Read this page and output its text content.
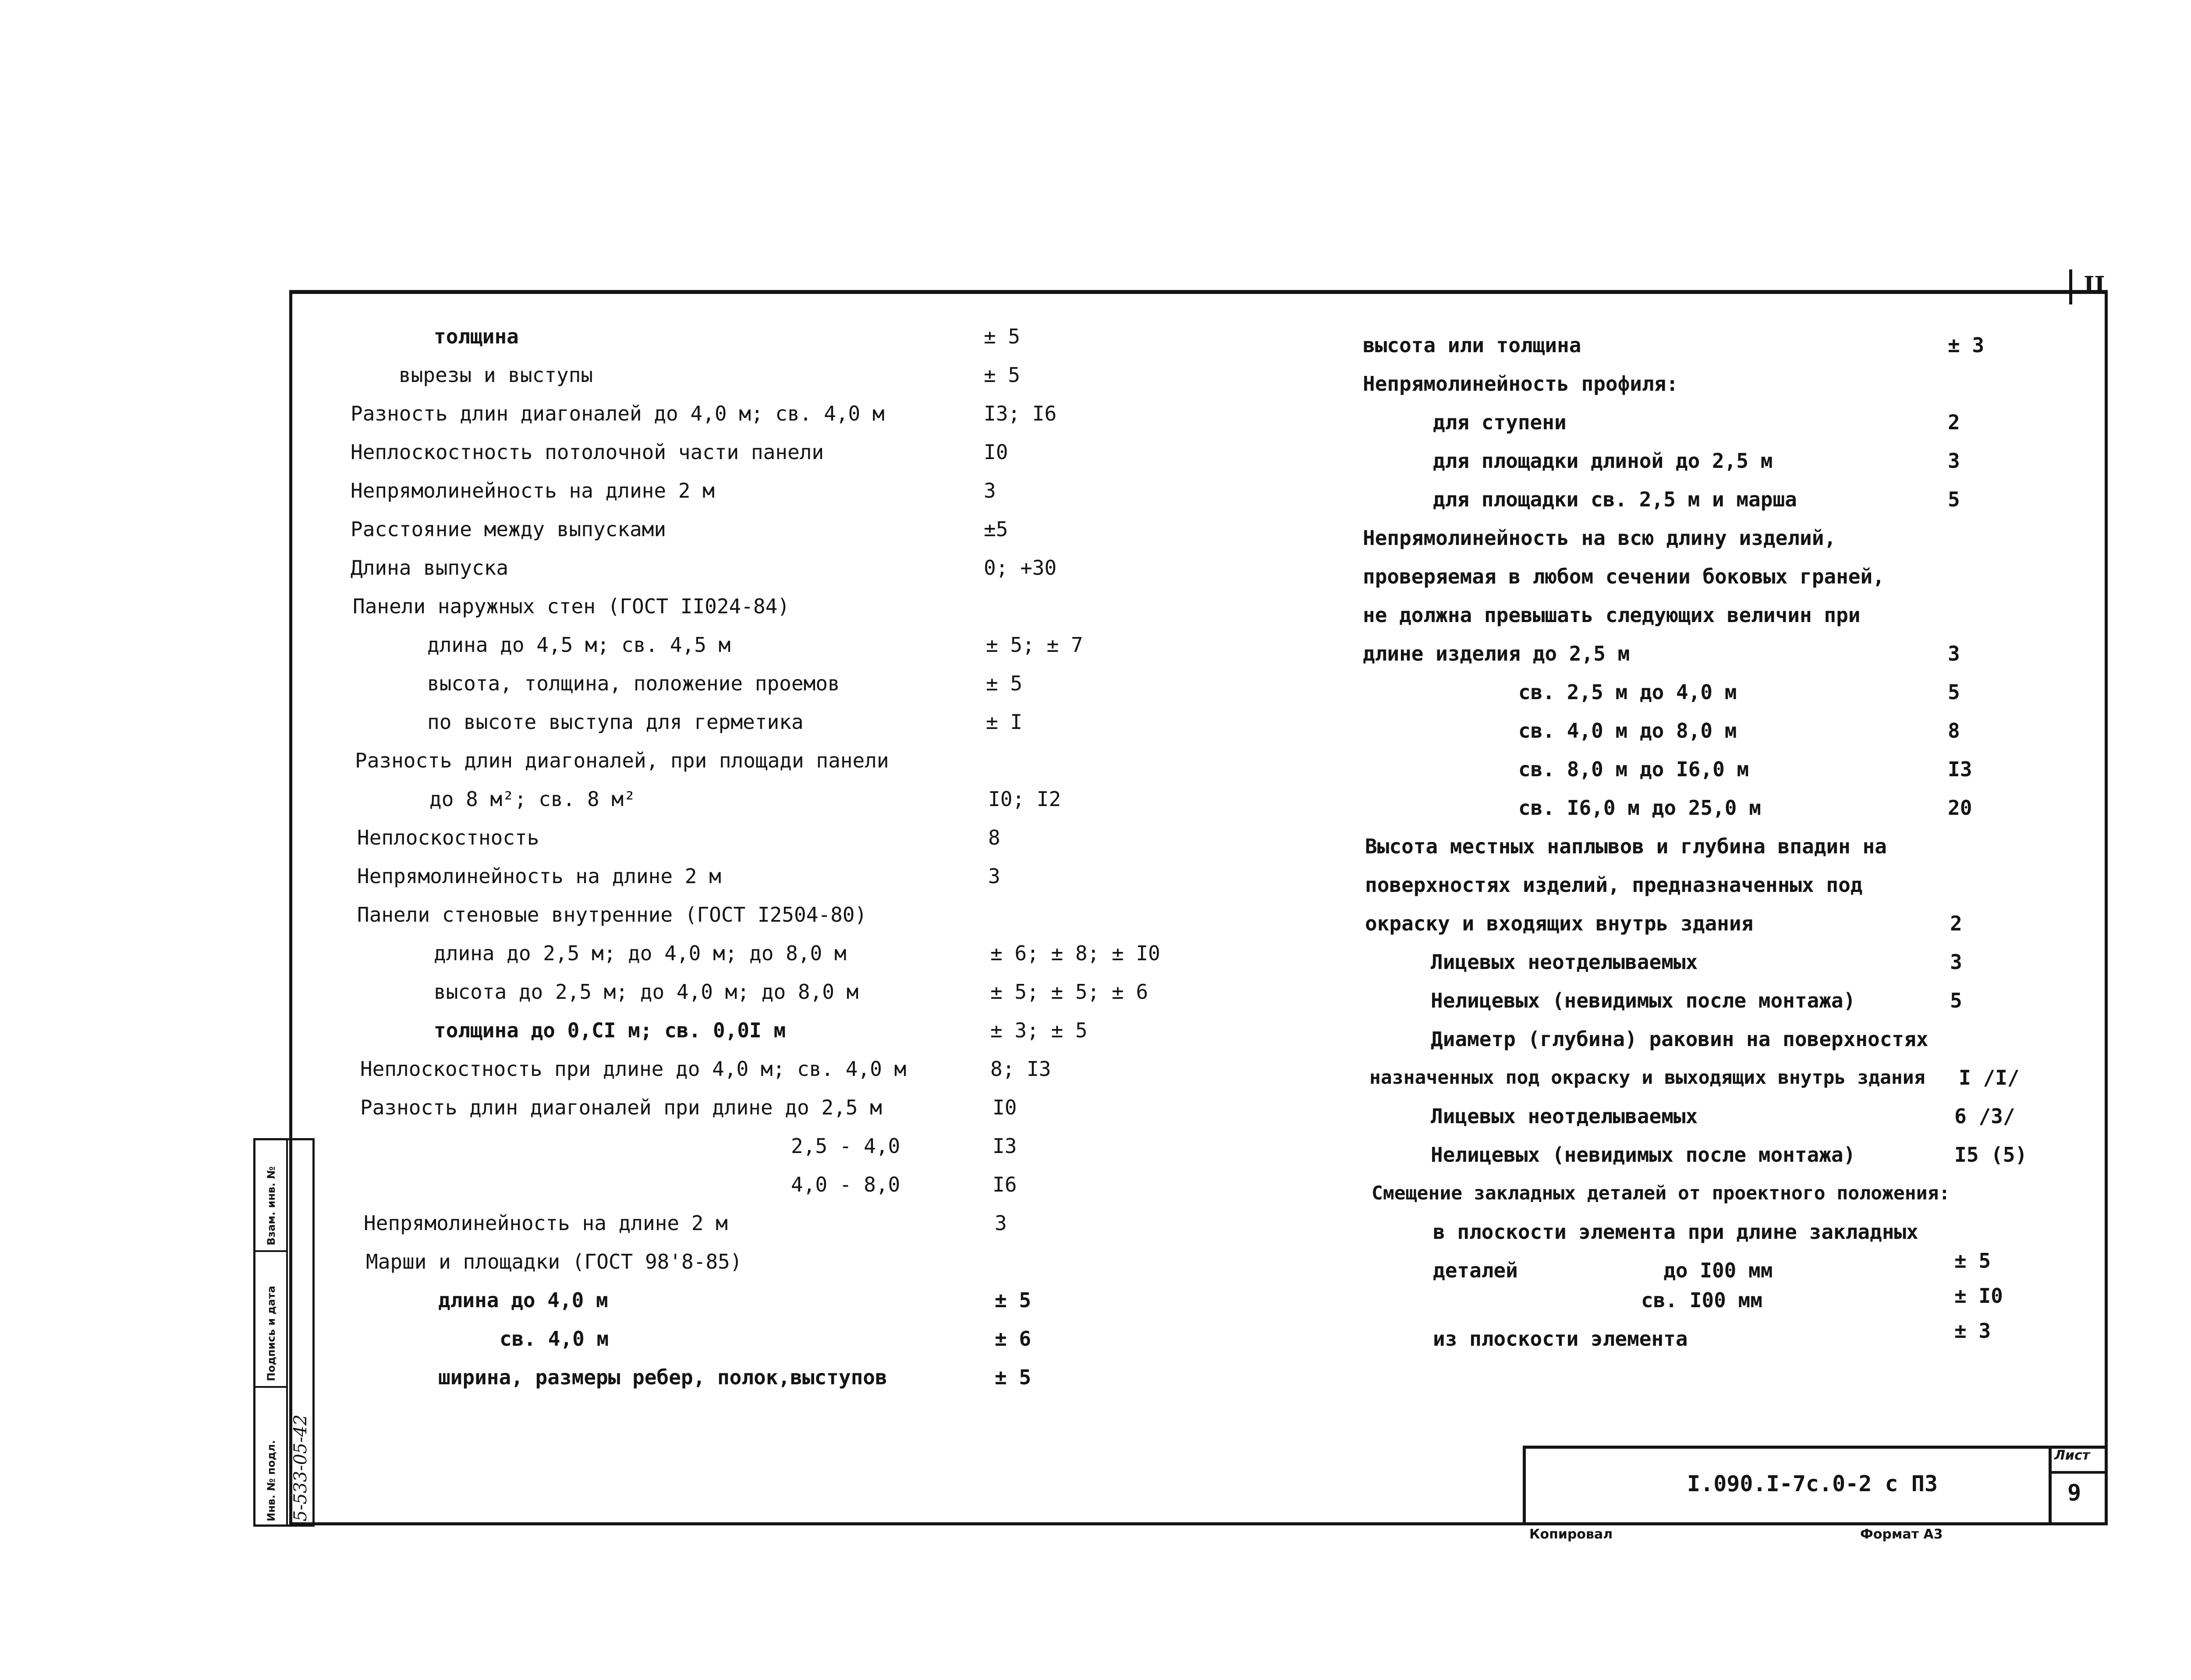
II
толщина	± 5
вырезы и выступы	± 5
Разность длин диагоналей до 4,0 м; св. 4,0 м	I3; I6
Неплоскостность потолочной части панели	I0
Непрямолинейность на длине 2 м	3
Расстояние между выпусками	±5
Длина выпуска	0; +30
Панели наружных стен (ГОСТ II024-84)
длина до 4,5 м; св. 4,5 м	± 5; ± 7
высота, толщина, положение проемов	± 5
по высоте выступа для герметика	± I
Разность длин диагоналей, при площади панели
до 8 м²; св. 8 м²	I0; I2
Неплоскостность	8
Непрямолинейность на длине 2 м	3
Панели стеновые внутренние (ГОСТ I2504-80)
длина до 2,5 м; до 4,0 м; до 8,0 м	± 6; ± 8; ± I0
высота до 2,5 м; до 4,0 м; до 8,0 м	± 5; ± 5; ± 6
толщина до 0,CI м; св. 0,0I м	± 3; ± 5
Неплоскостность при длине до 4,0 м; св. 4,0 м	8; I3
Разность длин диагоналей при длине до 2,5 м	I0
2,5 - 4,0	I3
4,0 - 8,0	I6
Непрямолинейность на длине 2 м	3
Марши и площадки (ГОСТ 98'8-85)
длина до 4,0 м	± 5
св. 4,0 м	± 6
ширина, размеры ребер, полок,выступов	± 5
высота или толщина	± 3
Непрямолинейность профиля:
для ступени	2
для площадки длиной до 2,5 м	3
для площадки св. 2,5 м и марша	5
Непрямолинейность на всю длину изделий,
проверяемая в любом сечении боковых граней,
не должна превышать следующих величин при
длине изделия до 2,5 м	3
св. 2,5 м до 4,0 м	5
св. 4,0 м до 8,0 м	8
св. 8,0 м до I6,0 м	I3
св. I6,0 м до 25,0 м	20
Высота местных наплывов и глубина впадин на
поверхностях изделий, предназначенных под
окраску и входящих внутрь здания	2
Лицевых неотделываемых	3
Нелицевых (невидимых после монтажа)	5
Диаметр (глубина) раковин на поверхностях
назначенных под окраску и выходящих внутрь здания I /I/
Лицевых неотделываемых	6 /3/
Нелицевых (невидимых после монтажа)	I5 (5)
Смещение закладных деталей от проектного положения:
в плоскости элемента при длине закладных
деталей            до I00 мм	± 5
св. I00 мм	± I0
из плоскости элемента	± 3
Взам. инв. №
Подпись и дата
Инв. № подл. 5-533-05-42	I.090.I-7c.0-2 с ПЗ
Лист
9
Копировал	Формат А3
